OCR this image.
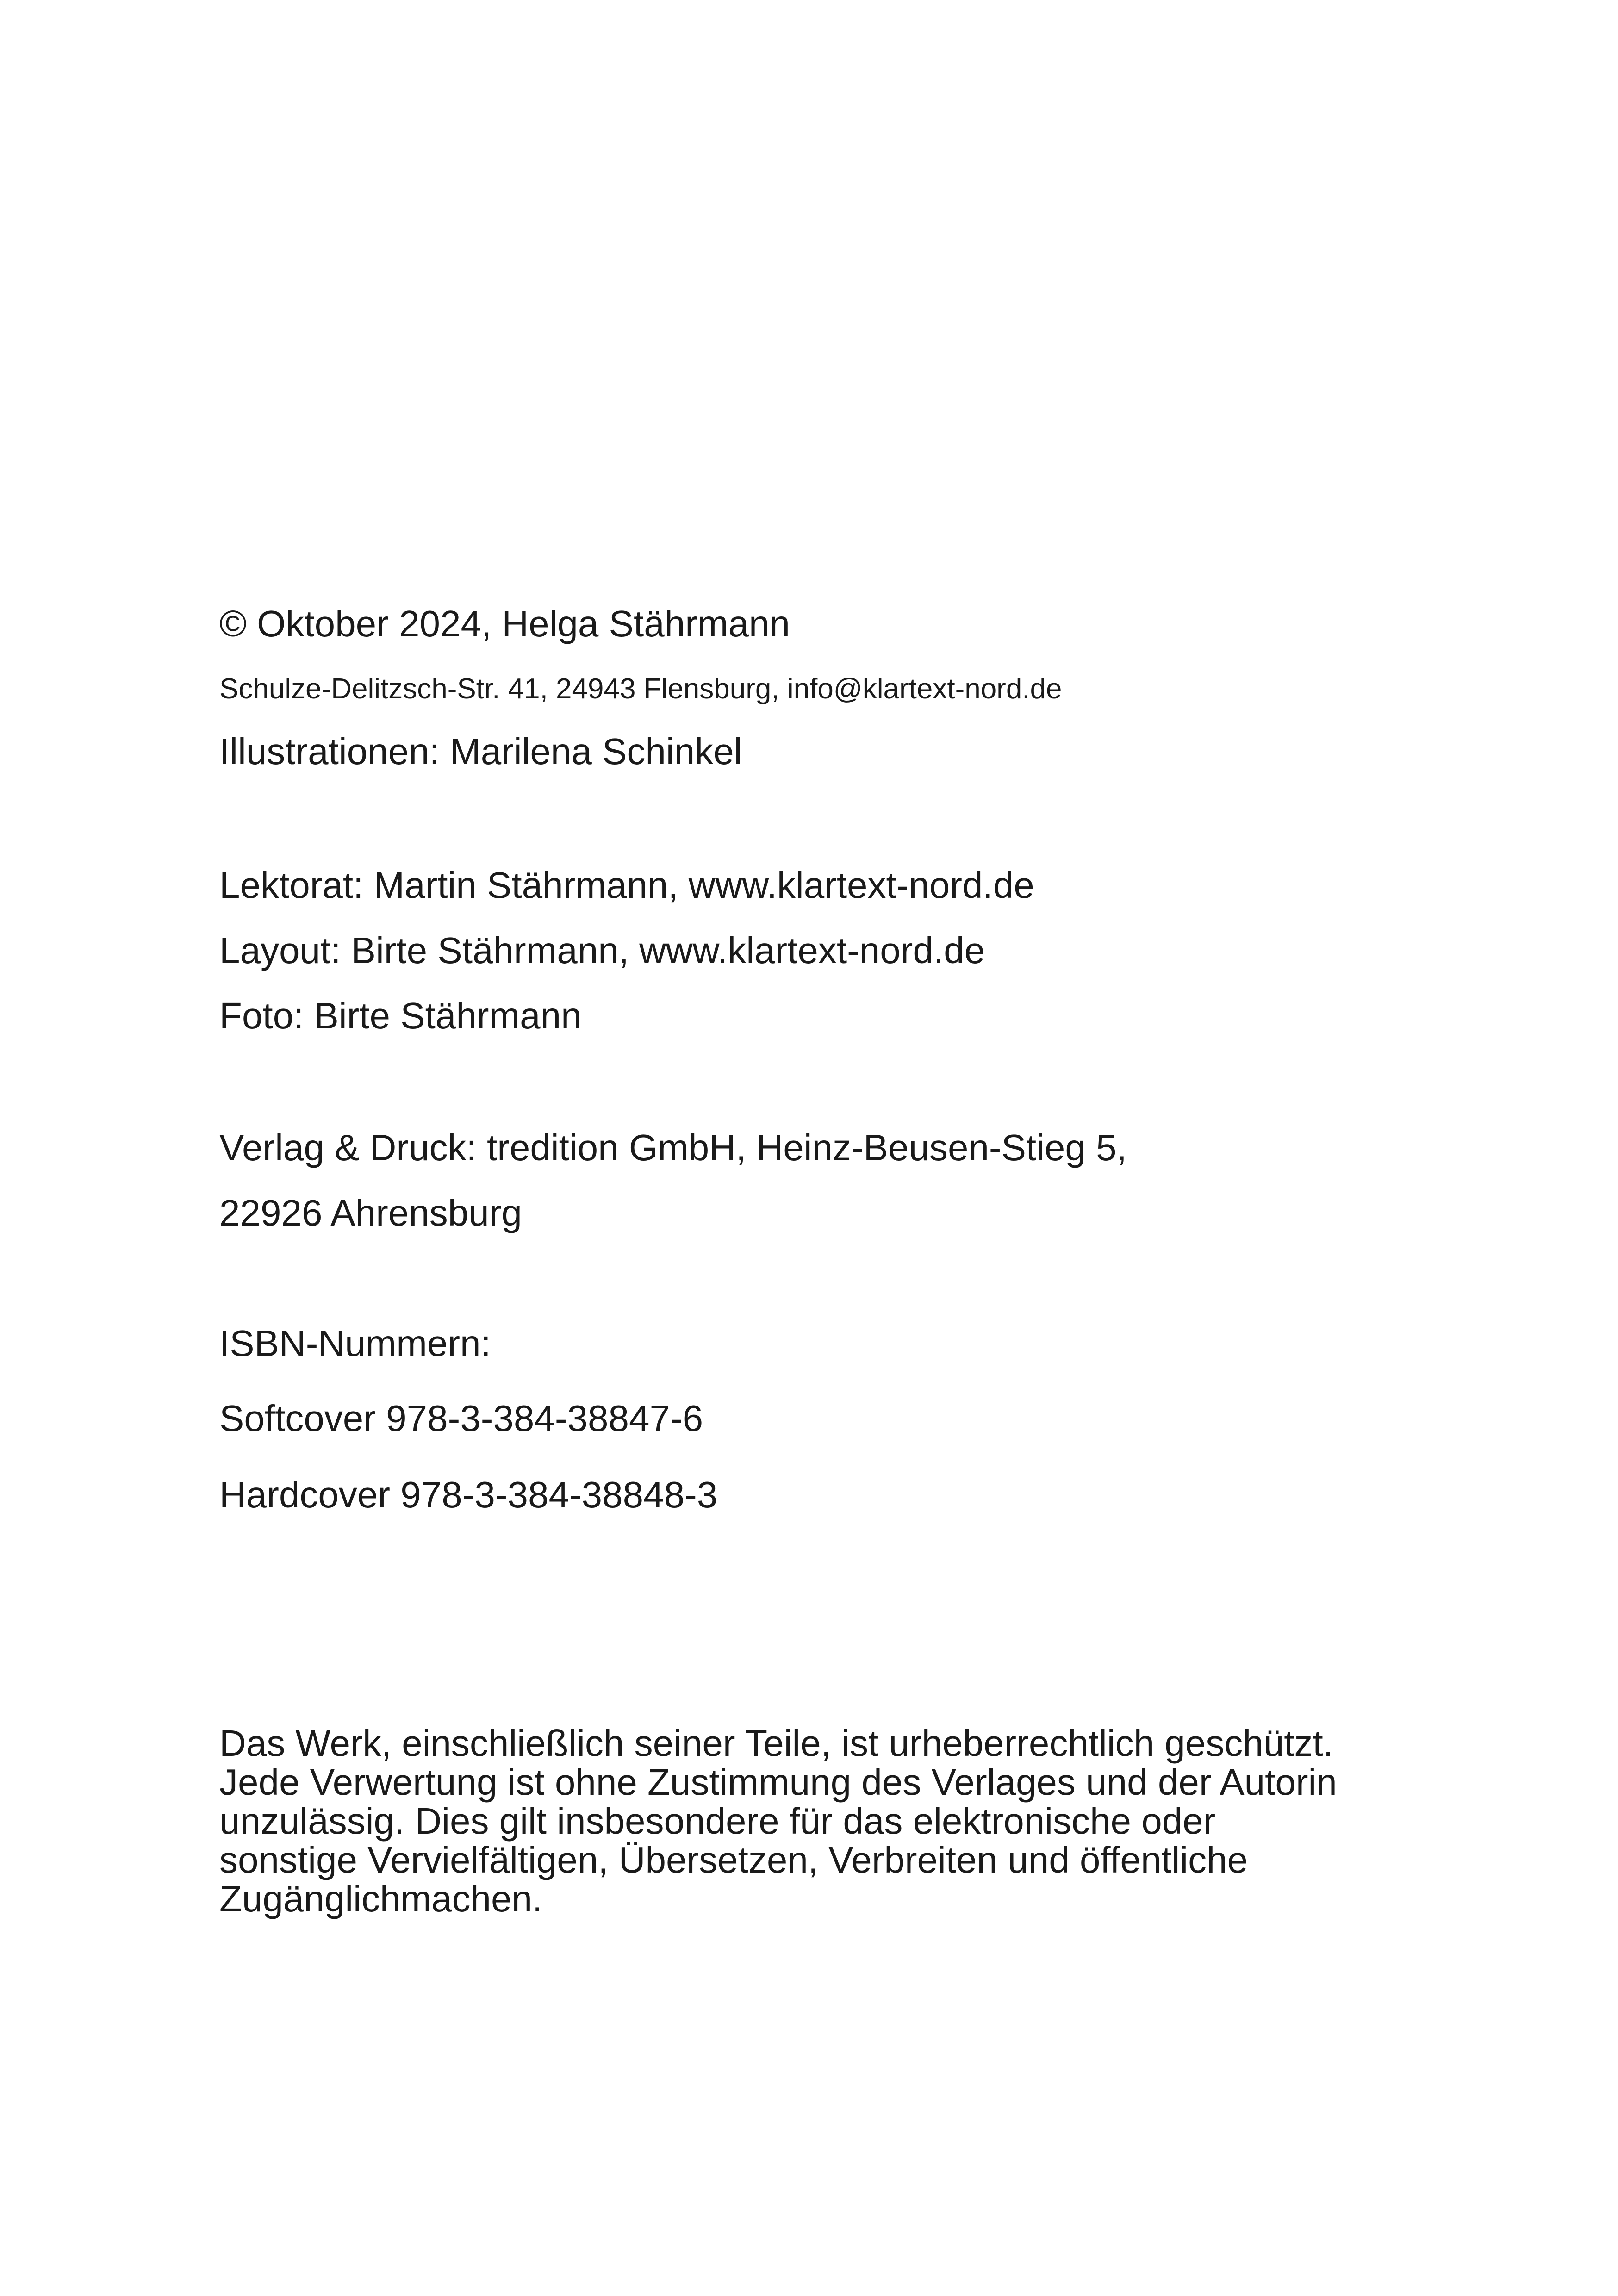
© Oktober 2024, Helga Stährmann
Schulze-Delitzsch-Str. 41, 24943 Flensburg, info@klartext-nord.de
Illustrationen: Marilena Schinkel
Lektorat: Martin Stährmann, www.klartext-nord.de
Layout: Birte Stährmann, www.klartext-nord.de
Foto: Birte Stährmann
Verlag & Druck: tredition GmbH, Heinz-Beusen-Stieg 5,
22926 Ahrensburg
ISBN-Nummern:
Softcover 978-3-384-38847-6
Hardcover 978-3-384-38848-3
Das Werk, einschließlich seiner Teile, ist urheberrechtlich geschützt.
Jede Verwertung ist ohne Zustimmung des Verlages und der Autorin
unzulässig. Dies gilt insbesondere für das elektronische oder
sonstige Vervielfältigen, Übersetzen, Verbreiten und öffentliche
Zugänglichmachen.
